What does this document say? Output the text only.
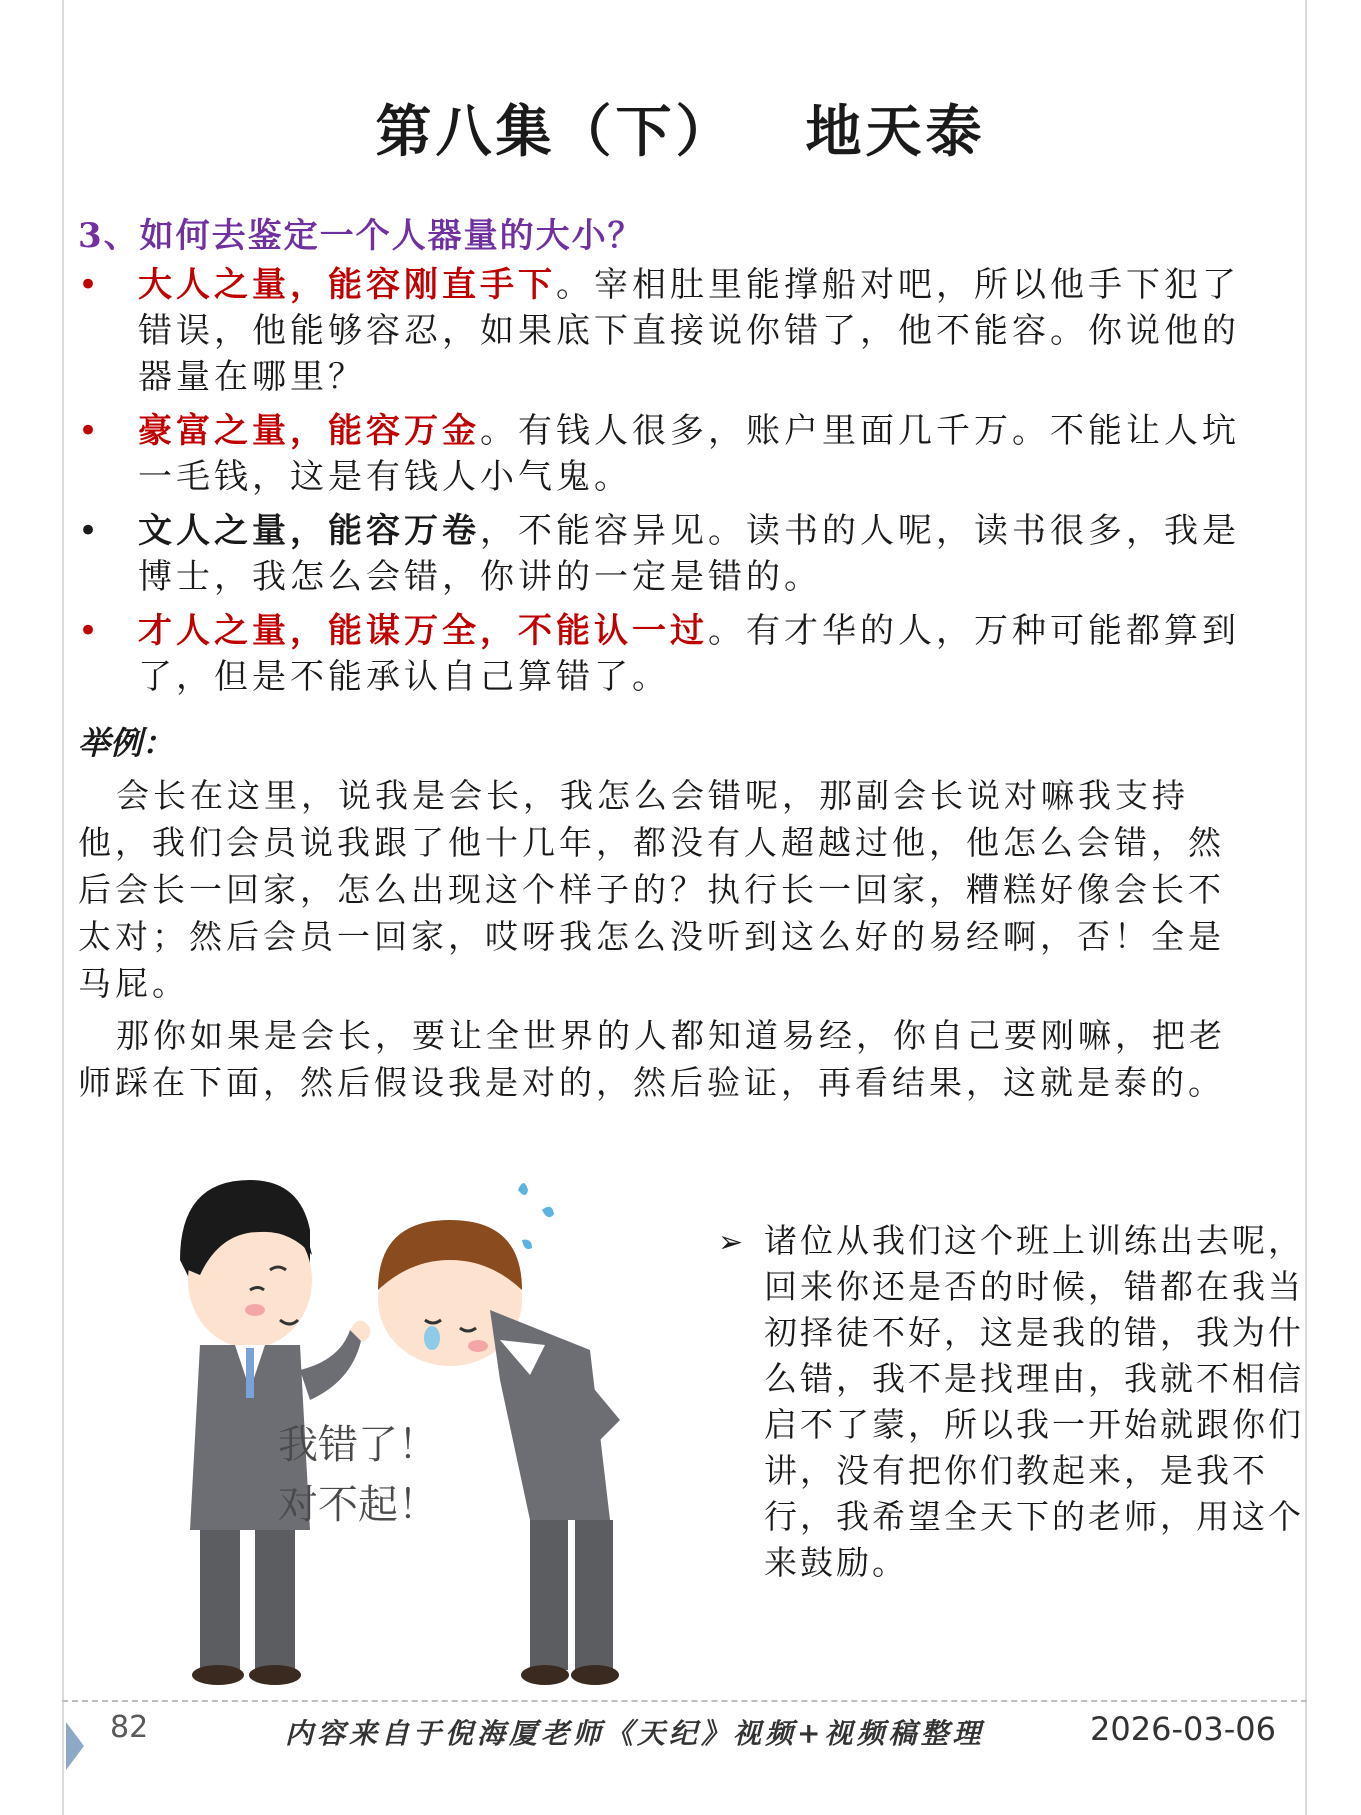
第八集（下） 地天泰
3、如何去鉴定一个人器量的大小？
• 大人之量，能容刚直手下。宰相肚里能撑船对吧，所以他手下犯了错误，他能够容忍，如果底下直接说你错了，他不能容。你说他的器量在哪里？
• 豪富之量，能容万金。有钱人很多，账户里面几千万。不能让人坑一毛钱，这是有钱人小气鬼。
• 文人之量，能容万卷，不能容异见。读书的人呢，读书很多，我是博士，我怎么会错，你讲的一定是错的。
• 才人之量，能谋万全，不能认一过。有才华的人，万种可能都算到了，但是不能承认自己算错了。
举例：
会长在这里，说我是会长，我怎么会错呢，那副会长说对嘛我支持他，我们会员说我跟了他十几年，都没有人超越过他，他怎么会错，然后会长一回家，怎么出现这个样子的？执行长一回家，糟糕好像会长不太对；然后会员一回家，哎呀我怎么没听到这么好的易经啊，否！全是马屁。
那你如果是会长，要让全世界的人都知道易经，你自己要刚嘛，把老师踩在下面，然后假设我是对的，然后验证，再看结果，这就是泰的。
我错了！
对不起！
➢ 诸位从我们这个班上训练出去呢，回来你还是否的时候，错都在我当初择徒不好，这是我的错，我为什么错，我不是找理由，我就不相信启不了蒙，所以我一开始就跟你们讲，没有把你们教起来，是我不行，我希望全天下的老师，用这个来鼓励。
82	内容来自于倪海厦老师《天纪》视频+视频稿整理	2026-03-06
